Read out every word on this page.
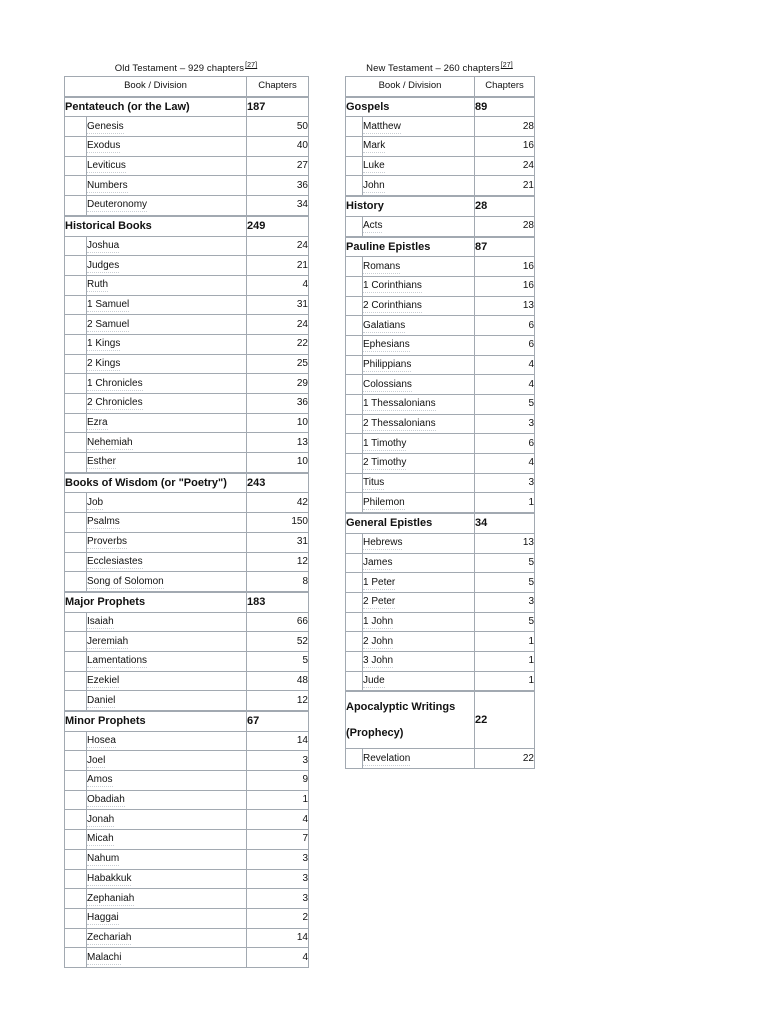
Old Testament – 929 chapters[27]
Book / Division		Chapters
Pentateuch (or the Law)		187
	Genesis	50
	Exodus	40
	Leviticus	27
	Numbers	36
	Deuteronomy	34
Historical Books		249
	Joshua	24
	Judges	21
	Ruth	4
	1 Samuel	31
	2 Samuel	24
	1 Kings	22
	2 Kings	25
	1 Chronicles	29
	2 Chronicles	36
	Ezra	10
	Nehemiah	13
	Esther	10
Books of Wisdom (or "Poetry")		243
	Job	42
	Psalms	150
	Proverbs	31
	Ecclesiastes	12
	Song of Solomon	8
Major Prophets		183
	Isaiah	66
	Jeremiah	52
	Lamentations	5
	Ezekiel	48
	Daniel	12
Minor Prophets		67
	Hosea	14
	Joel	3
	Amos	9
	Obadiah	1
	Jonah	4
	Micah	7
	Nahum	3
	Habakkuk	3
	Zephaniah	3
	Haggai	2
	Zechariah	14
	Malachi	4
New Testament – 260 chapters[27]
Book / Division		Chapters
Gospels		89
	Matthew	28
	Mark	16
	Luke	24
	John	21
History		28
	Acts	28
Pauline Epistles		87
	Romans	16
	1 Corinthians	16
	2 Corinthians	13
	Galatians	6
	Ephesians	6
	Philippians	4
	Colossians	4
	1 Thessalonians	5
	2 Thessalonians	3
	1 Timothy	6
	2 Timothy	4
	Titus	3
	Philemon	1
General Epistles		34
	Hebrews	13
	James	5
	1 Peter	5
	2 Peter	3
	1 John	5
	2 John	1
	3 John	1
	Jude	1
Apocalyptic Writings (Prophecy)		22
	Revelation	22
